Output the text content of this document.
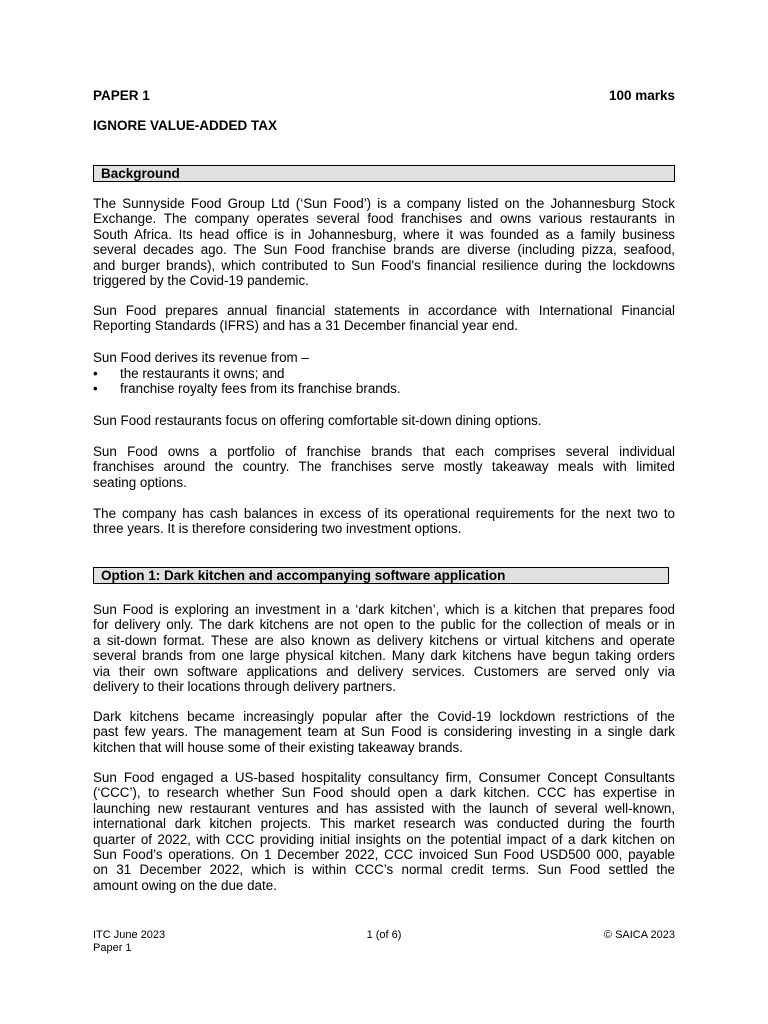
PAPER 1	100 marks
IGNORE VALUE-ADDED TAX
Background

The Sunnyside Food Group Ltd (‘Sun Food’) is a company listed on the Johannesburg Stock
Exchange. The company operates several food franchises and owns various restaurants in
South Africa. Its head office is in Johannesburg, where it was founded as a family business
several decades ago. The Sun Food franchise brands are diverse (including pizza, seafood,
and burger brands), which contributed to Sun Food's financial resilience during the lockdowns
triggered by the Covid-19 pandemic.

Sun Food prepares annual financial statements in accordance with International Financial
Reporting Standards (IFRS) and has a 31 December financial year end.

Sun Food derives its revenue from –

• the restaurants it owns; and
• franchise royalty fees from its franchise brands.

Sun Food restaurants focus on offering comfortable sit-down dining options.

Sun Food owns a portfolio of franchise brands that each comprises several individual
franchises around the country. The franchises serve mostly takeaway meals with limited
seating options.

The company has cash balances in excess of its operational requirements for the next two to
three years. It is therefore considering two investment options.

Option 1: Dark kitchen and accompanying software application

Sun Food is exploring an investment in a ‘dark kitchen’, which is a kitchen that prepares food
for delivery only. The dark kitchens are not open to the public for the collection of meals or in
a sit-down format. These are also known as delivery kitchens or virtual kitchens and operate
several brands from one large physical kitchen. Many dark kitchens have begun taking orders
via their own software applications and delivery services. Customers are served only via
delivery to their locations through delivery partners.

Dark kitchens became increasingly popular after the Covid-19 lockdown restrictions of the
past few years. The management team at Sun Food is considering investing in a single dark
kitchen that will house some of their existing takeaway brands.

Sun Food engaged a US-based hospitality consultancy firm, Consumer Concept Consultants
(‘CCC’), to research whether Sun Food should open a dark kitchen. CCC has expertise in
launching new restaurant ventures and has assisted with the launch of several well-known,
international dark kitchen projects. This market research was conducted during the fourth
quarter of 2022, with CCC providing initial insights on the potential impact of a dark kitchen on
Sun Food’s operations. On 1 December 2022, CCC invoiced Sun Food USD500 000, payable
on 31 December 2022, which is within CCC’s normal credit terms. Sun Food settled the
amount owing on the due date.

ITC June 2023	1 (of 6)	© SAICA 2023
Paper 1
